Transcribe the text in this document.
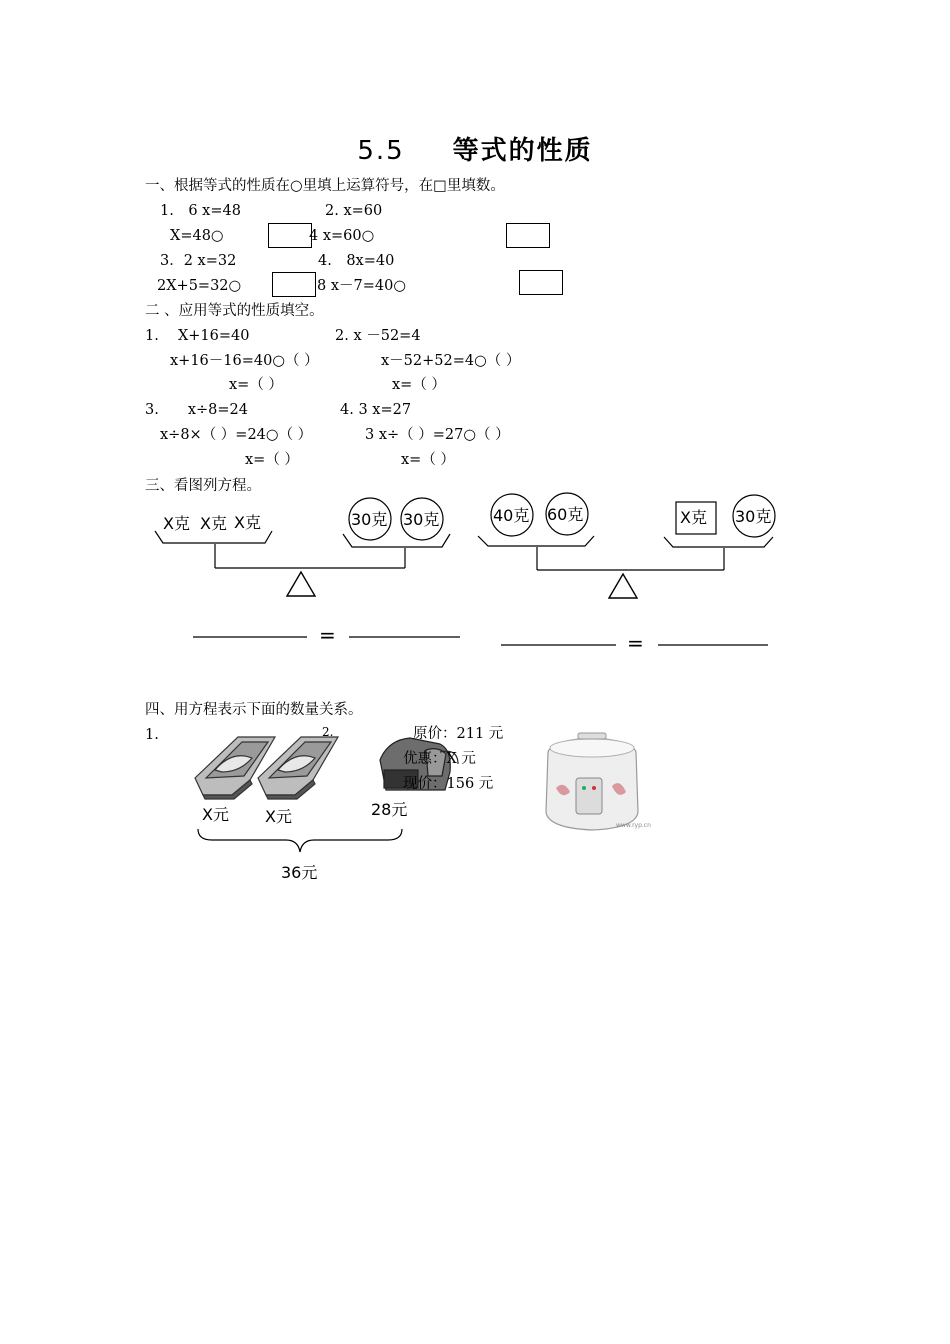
5.5 等式的性质
一、根据等式的性质在○里填上运算符号，在□里填数。
1.　6 x=48	2. x=60
X=48○	4 x=60○
3．2 x=32	4.　8x=40
2X+5=32○	8 x－7=40○
二 、应用等式的性质填空。
1.　 X+16=40	2. x －52=4
x+16－16=40○（ ）	x－52+52=4○（ ）
x=（ ）	x=（ ）
3.　　x÷8=24	4. 3 x=27
x÷8×（ ）=24○（ ）	3 x÷（ ）=27○（ ）
x=（ ）	x=（ ）
三、看图列方程。
X克 X克 X克	30克 30克	40克 60克	X克 30克
=	=
四、用方程表示下面的数量关系。
1.	2.	原价：211 元
优惠：X 元
现价：156 元
X元 X元	28元
36元
www.ryp.cn
